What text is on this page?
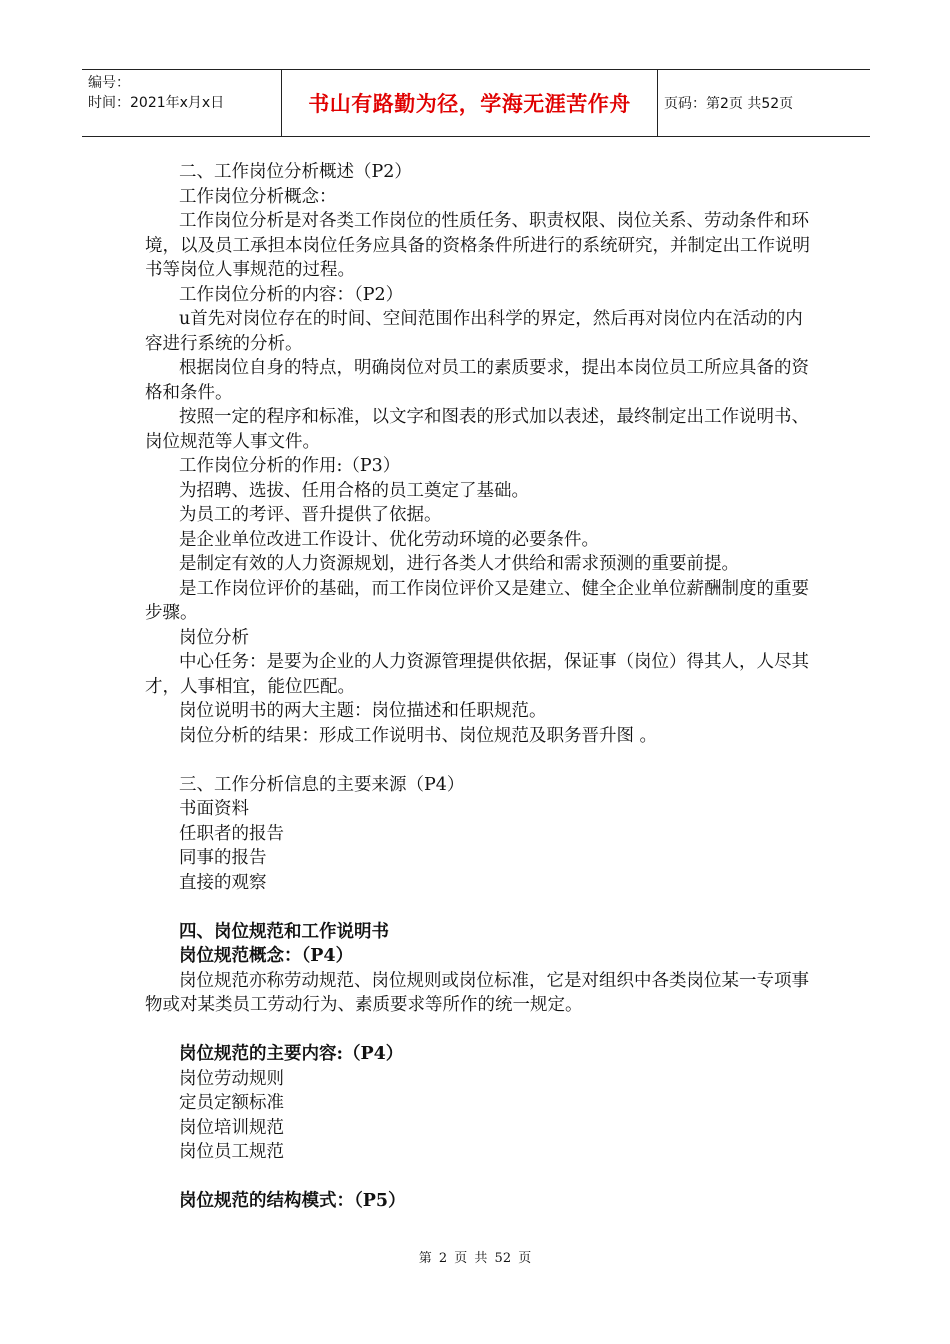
编号：
时间：2021年x月x日	书山有路勤为径，学海无涯苦作舟	页码：第2页 共52页

二、工作岗位分析概述（P2）

工作岗位分析概念：

工作岗位分析是对各类工作岗位的性质任务、职责权限、岗位关系、劳动条件和环境，以及员工承担本岗位任务应具备的资格条件所进行的系统研究，并制定出工作说明书等岗位人事规范的过程。

工作岗位分析的内容：（P2）

u首先对岗位存在的时间、空间范围作出科学的界定，然后再对岗位内在活动的内容进行系统的分析。

根据岗位自身的特点，明确岗位对员工的素质要求，提出本岗位员工所应具备的资格和条件。

按照一定的程序和标准，以文字和图表的形式加以表述，最终制定出工作说明书、岗位规范等人事文件。

工作岗位分析的作用:（P3）

为招聘、选拔、任用合格的员工奠定了基础。

为员工的考评、晋升提供了依据。

是企业单位改进工作设计、优化劳动环境的必要条件。

是制定有效的人力资源规划，进行各类人才供给和需求预测的重要前提。

是工作岗位评价的基础，而工作岗位评价又是建立、健全企业单位薪酬制度的重要步骤。

岗位分析

中心任务：是要为企业的人力资源管理提供依据，保证事（岗位）得其人，人尽其才，人事相宜，能位匹配。

岗位说明书的两大主题：岗位描述和任职规范。

岗位分析的结果：形成工作说明书、岗位规范及职务晋升图 。

三、工作分析信息的主要来源（P4）

书面资料

任职者的报告

同事的报告

直接的观察

四、岗位规范和工作说明书

岗位规范概念：（P4）

岗位规范亦称劳动规范、岗位规则或岗位标准，它是对组织中各类岗位某一专项事物或对某类员工劳动行为、素质要求等所作的统一规定。

岗位规范的主要内容:（P4）

岗位劳动规则

定员定额标准

岗位培训规范

岗位员工规范

岗位规范的结构模式：（P5）

第 2 页 共 52 页
